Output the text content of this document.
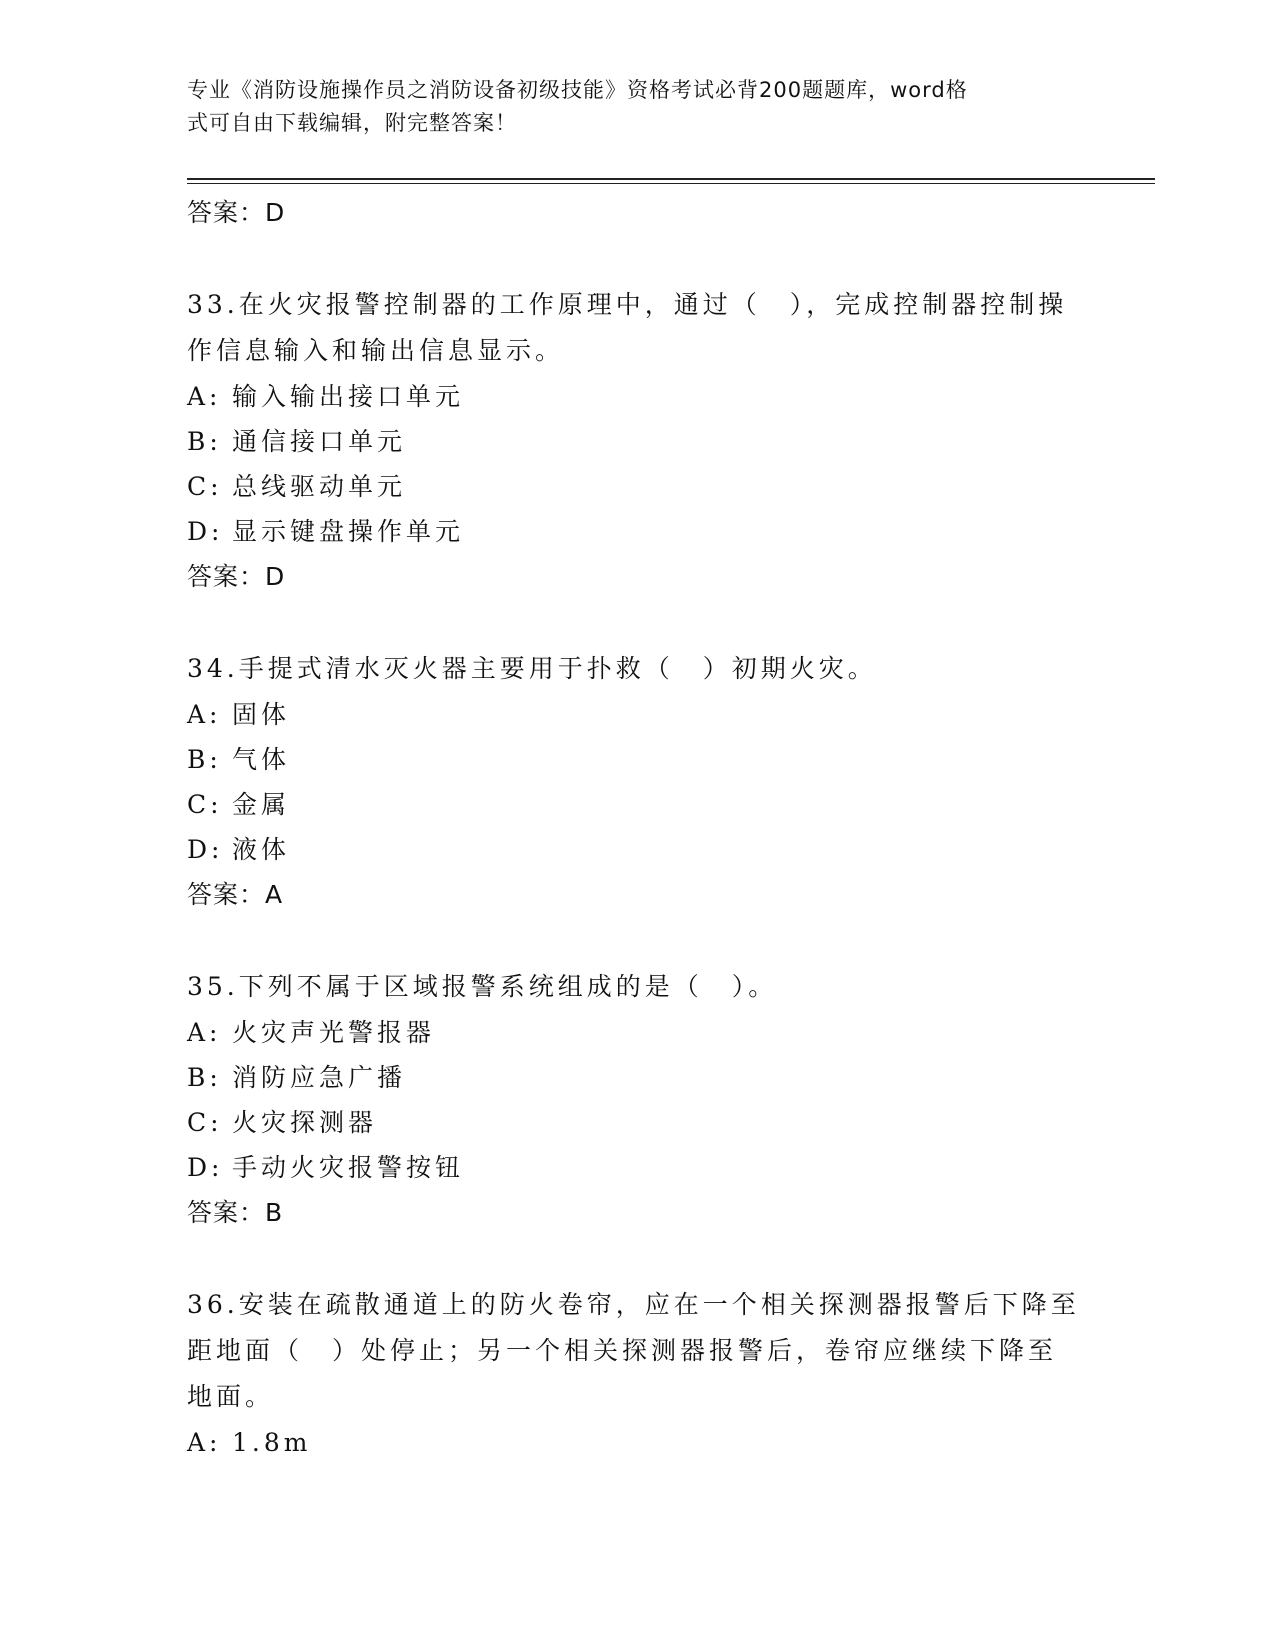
专业《消防设施操作员之消防设备初级技能》资格考试必背200题题库，word格
式可自由下载编辑，附完整答案！
答案：D
33.在火灾报警控制器的工作原理中，通过（　），完成控制器控制操
作信息输入和输出信息显示。
A: 输入输出接口单元
B: 通信接口单元
C: 总线驱动单元
D: 显示键盘操作单元
答案：D
34.手提式清水灭火器主要用于扑救（　）初期火灾。
A: 固体
B: 气体
C: 金属
D: 液体
答案：A
35.下列不属于区域报警系统组成的是（　）。
A: 火灾声光警报器
B: 消防应急广播
C: 火灾探测器
D: 手动火灾报警按钮
答案：B
36.安装在疏散通道上的防火卷帘，应在一个相关探测器报警后下降至
距地面（　）处停止；另一个相关探测器报警后，卷帘应继续下降至
地面。
A: 1.8m
